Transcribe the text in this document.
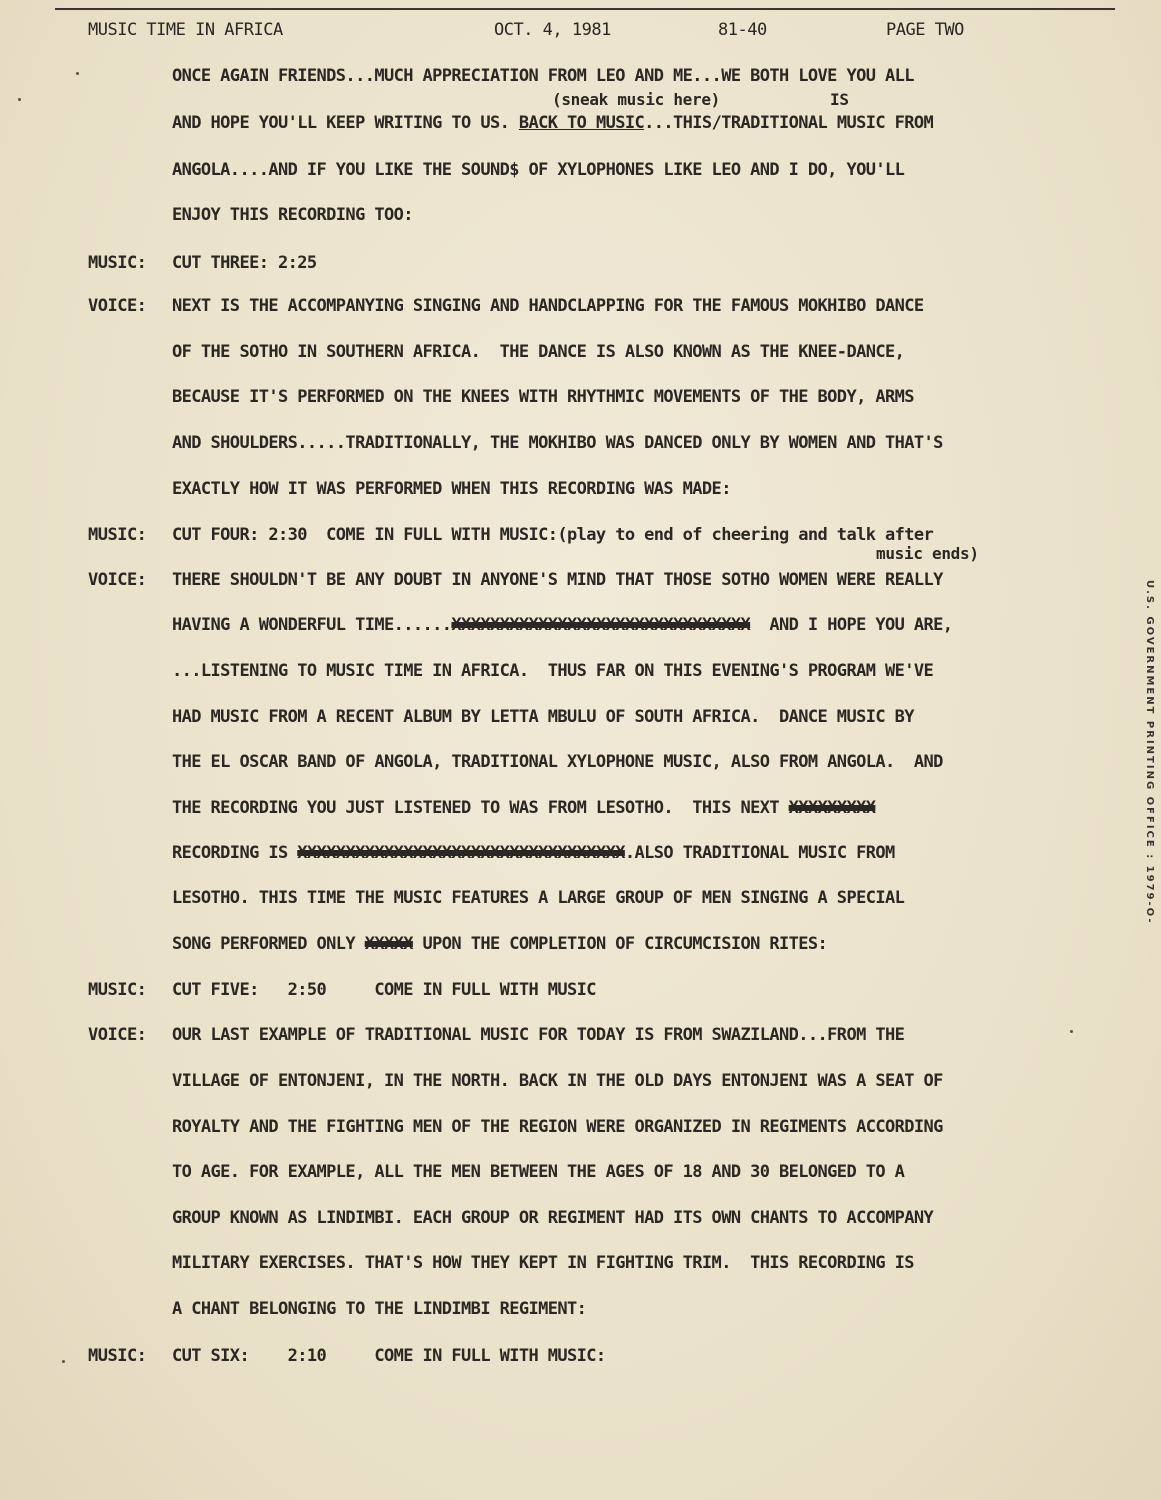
MUSIC TIME IN AFRICA	OCT. 4, 1981	81-40	PAGE TWO
ONCE AGAIN FRIENDS...MUCH APPRECIATION FROM LEO AND ME...WE BOTH LOVE YOU ALL
(sneak music here)	IS
AND HOPE YOU'LL KEEP WRITING TO US. BACK TO MUSIC...THIS/TRADITIONAL MUSIC FROM
ANGOLA....AND IF YOU LIKE THE SOUND$ OF XYLOPHONES LIKE LEO AND I DO, YOU'LL
ENJOY THIS RECORDING TOO:
MUSIC: CUT THREE: 2:25
VOICE: NEXT IS THE ACCOMPANYING SINGING AND HANDCLAPPING FOR THE FAMOUS MOKHIBO DANCE
OF THE SOTHO IN SOUTHERN AFRICA.  THE DANCE IS ALSO KNOWN AS THE KNEE-DANCE,
BECAUSE IT'S PERFORMED ON THE KNEES WITH RHYTHMIC MOVEMENTS OF THE BODY, ARMS
AND SHOULDERS.....TRADITIONALLY, THE MOKHIBO WAS DANCED ONLY BY WOMEN AND THAT'S
EXACTLY HOW IT WAS PERFORMED WHEN THIS RECORDING WAS MADE:
MUSIC: CUT FOUR: 2:30  COME IN FULL WITH MUSIC:(play to end of cheering and talk after
music ends)
VOICE: THERE SHOULDN'T BE ANY DOUBT IN ANYONE'S MIND THAT THOSE SOTHO WOMEN WERE REALLY
HAVING A WONDERFUL TIME......XXXXXXXXXXXXXXXXXXXXXXXXXXXXXXX  AND I HOPE YOU ARE,
...LISTENING TO MUSIC TIME IN AFRICA.  THUS FAR ON THIS EVENING'S PROGRAM WE'VE
HAD MUSIC FROM A RECENT ALBUM BY LETTA MBULU OF SOUTH AFRICA.  DANCE MUSIC BY
THE EL OSCAR BAND OF ANGOLA, TRADITIONAL XYLOPHONE MUSIC, ALSO FROM ANGOLA.  AND
THE RECORDING YOU JUST LISTENED TO WAS FROM LESOTHO.  THIS NEXT XXXXXXXXX
RECORDING IS XXXXXXXXXXXXXXXXXXXXXXXXXXXXXXXXXX.ALSO TRADITIONAL MUSIC FROM
LESOTHO. THIS TIME THE MUSIC FEATURES A LARGE GROUP OF MEN SINGING A SPECIAL
SONG PERFORMED ONLY XXXXX UPON THE COMPLETION OF CIRCUMCISION RITES:
MUSIC: CUT FIVE:   2:50     COME IN FULL WITH MUSIC
VOICE: OUR LAST EXAMPLE OF TRADITIONAL MUSIC FOR TODAY IS FROM SWAZILAND...FROM THE
VILLAGE OF ENTONJENI, IN THE NORTH. BACK IN THE OLD DAYS ENTONJENI WAS A SEAT OF
ROYALTY AND THE FIGHTING MEN OF THE REGION WERE ORGANIZED IN REGIMENTS ACCORDING
TO AGE. FOR EXAMPLE, ALL THE MEN BETWEEN THE AGES OF 18 AND 30 BELONGED TO A
GROUP KNOWN AS LINDIMBI. EACH GROUP OR REGIMENT HAD ITS OWN CHANTS TO ACCOMPANY
MILITARY EXERCISES. THAT'S HOW THEY KEPT IN FIGHTING TRIM.  THIS RECORDING IS
A CHANT BELONGING TO THE LINDIMBI REGIMENT:
MUSIC: CUT SIX:    2:10     COME IN FULL WITH MUSIC:
U.S. GOVERNMENT PRINTING OFFICE : 1979-O-
